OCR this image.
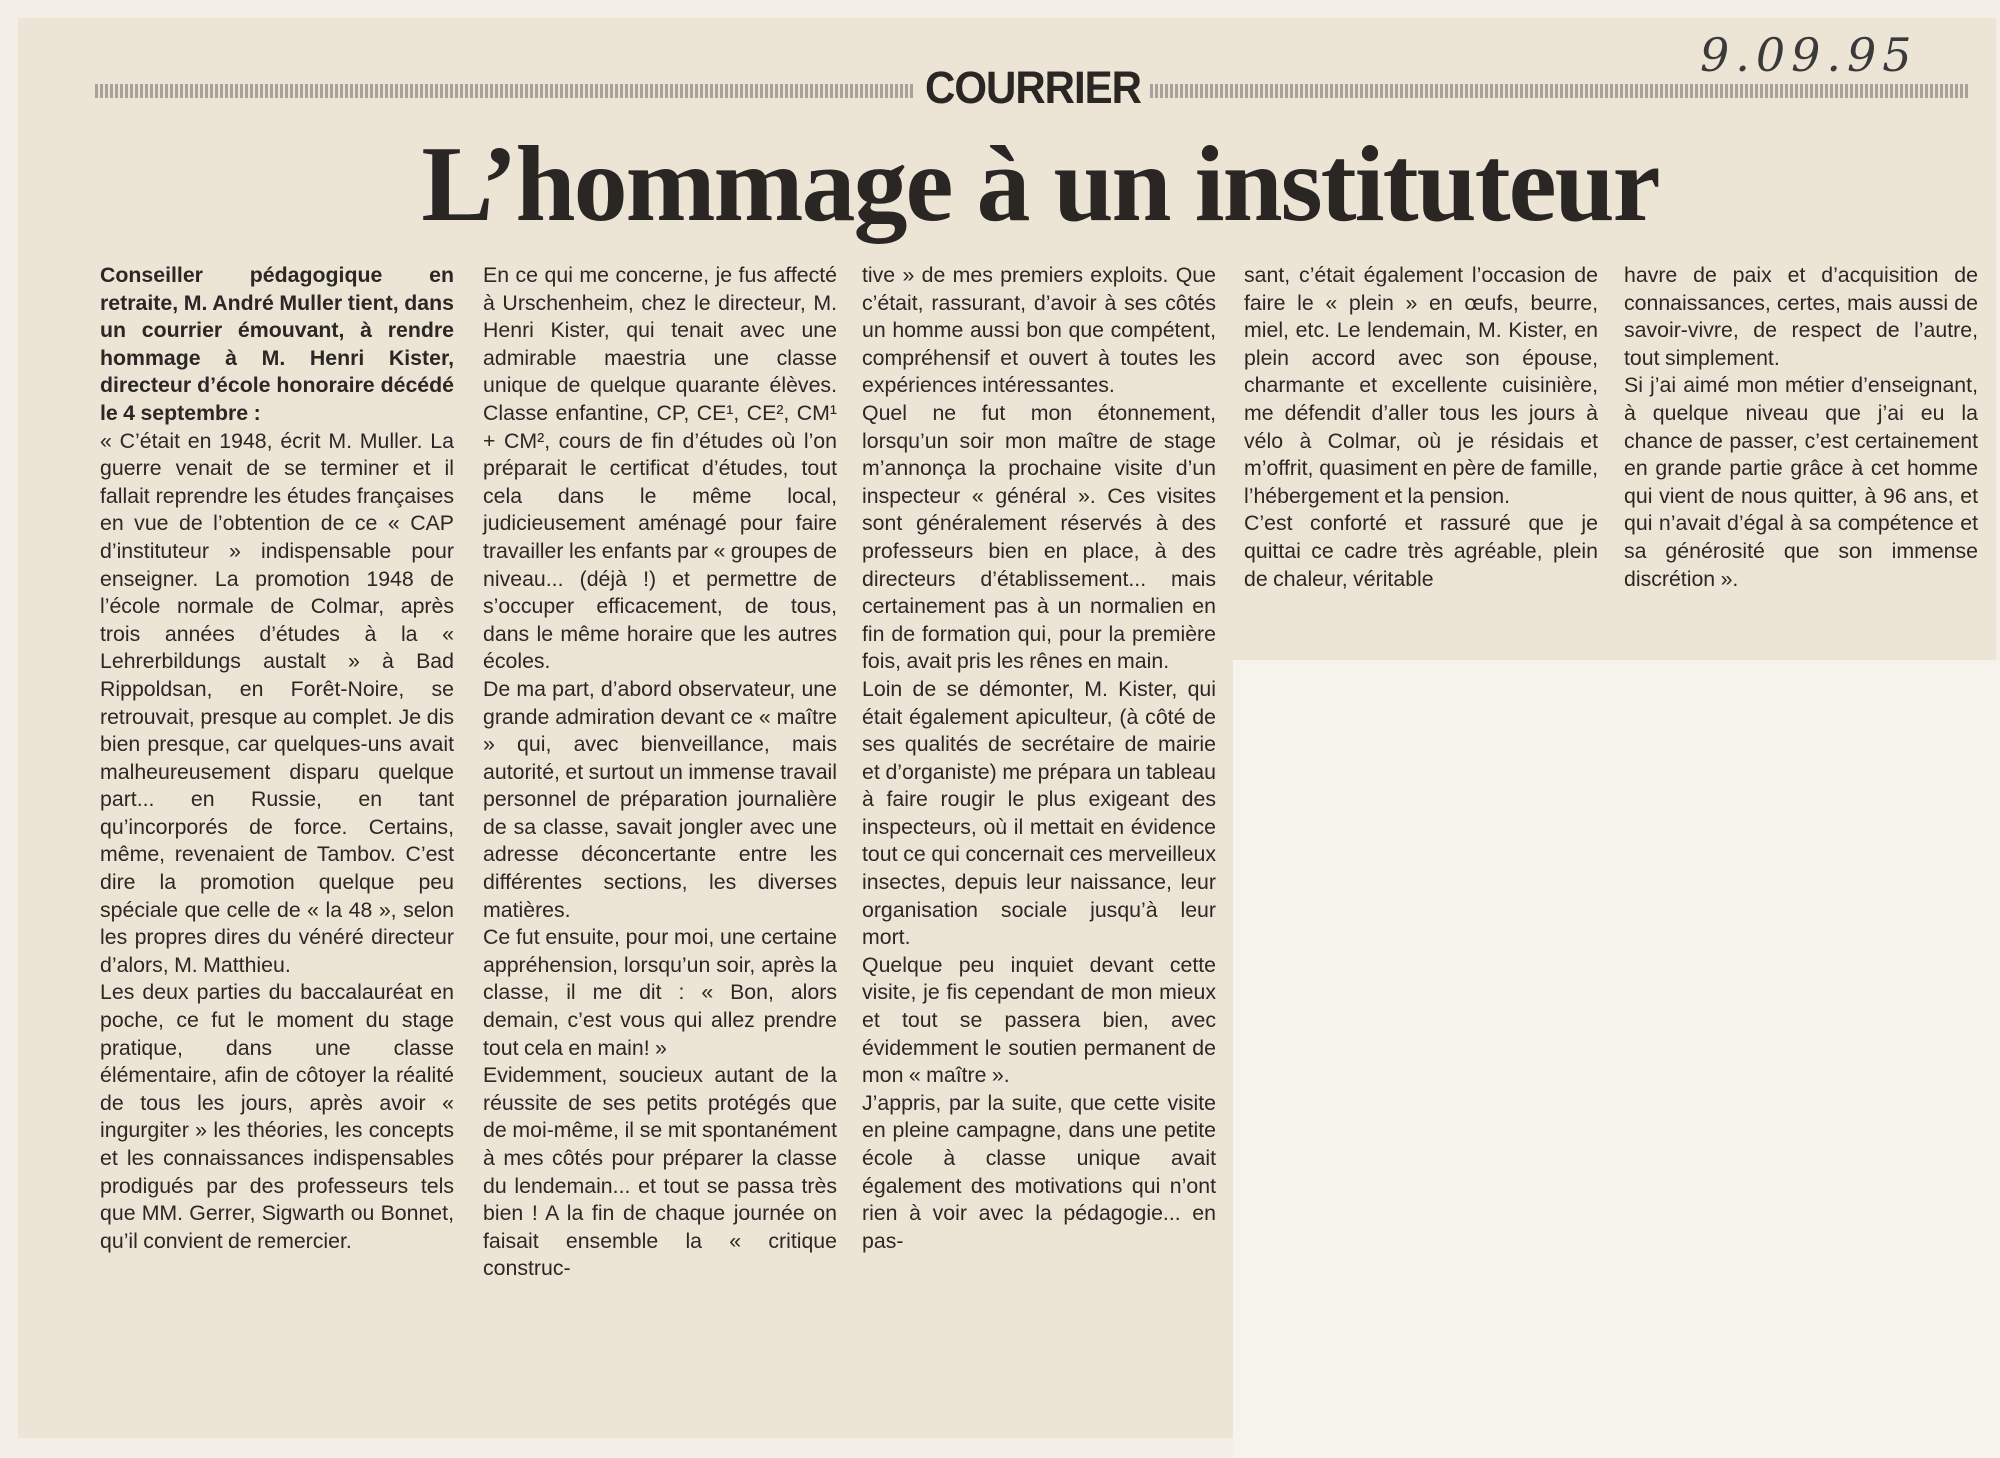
9.09.95
COURRIER
L’hommage à un instituteur

Conseiller pédagogique en retraite, M. André Muller tient, dans un courrier émouvant, à rendre hommage à M. Henri Kister, directeur d’école honoraire décédé le 4 septembre :

« C’était en 1948, écrit M. Muller. La guerre venait de se terminer et il fallait reprendre les études françaises en vue de l’obtention de ce « CAP d’instituteur » indispensable pour enseigner. La promotion 1948 de l’école normale de Colmar, après trois années d’études à la « Lehrerbildungs austalt » à Bad Rippoldsan, en Forêt-Noire, se retrouvait, presque au complet. Je dis bien presque, car quelques-uns avait malheureusement disparu quelque part... en Russie, en tant qu’incorporés de force. Certains, même, revenaient de Tambov. C’est dire la promotion quelque peu spéciale que celle de « la 48 », selon les propres dires du vénéré directeur d’alors, M. Matthieu.

Les deux parties du baccalauréat en poche, ce fut le moment du stage pratique, dans une classe élémentaire, afin de côtoyer la réalité de tous les jours, après avoir « ingurgiter » les théories, les concepts et les connaissances indispensables prodigués par des professeurs tels que MM. Gerrer, Sigwarth ou Bonnet, qu’il convient de remercier.

En ce qui me concerne, je fus affecté à Urschenheim, chez le directeur, M. Henri Kister, qui tenait avec une admirable maestria une classe unique de quelque quarante élèves. Classe enfantine, CP, CE¹, CE², CM¹ + CM², cours de fin d’études où l’on préparait le certificat d’études, tout cela dans le même local, judicieusement aménagé pour faire travailler les enfants par « groupes de niveau... (déjà !) et permettre de s’occuper efficacement, de tous, dans le même horaire que les autres écoles.

De ma part, d’abord observateur, une grande admiration devant ce « maître » qui, avec bienveillance, mais autorité, et surtout un immense travail personnel de préparation journalière de sa classe, savait jongler avec une adresse déconcertante entre les différentes sections, les diverses matières.

Ce fut ensuite, pour moi, une certaine appréhension, lorsqu’un soir, après la classe, il me dit : « Bon, alors demain, c’est vous qui allez prendre tout cela en main! »

Evidemment, soucieux autant de la réussite de ses petits protégés que de moi-même, il se mit spontanément à mes côtés pour préparer la classe du lendemain... et tout se passa très bien ! A la fin de chaque journée on faisait ensemble la « critique construc-

tive » de mes premiers exploits. Que c’était, rassurant, d’avoir à ses côtés un homme aussi bon que compétent, compréhensif et ouvert à toutes les expériences intéressantes.

Quel ne fut mon étonnement, lorsqu’un soir mon maître de stage m’annonça la prochaine visite d’un inspecteur « général ». Ces visites sont généralement réservés à des professeurs bien en place, à des directeurs d’établissement... mais certainement pas à un normalien en fin de formation qui, pour la première fois, avait pris les rênes en main.

Loin de se démonter, M. Kister, qui était également apiculteur, (à côté de ses qualités de secrétaire de mairie et d’organiste) me prépara un tableau à faire rougir le plus exigeant des inspecteurs, où il mettait en évidence tout ce qui concernait ces merveilleux insectes, depuis leur naissance, leur organisation sociale jusqu’à leur mort.

Quelque peu inquiet devant cette visite, je fis cependant de mon mieux et tout se passera bien, avec évidemment le soutien permanent de mon « maître ».

J’appris, par la suite, que cette visite en pleine campagne, dans une petite école à classe unique avait également des motivations qui n’ont rien à voir avec la pédagogie... en pas-

sant, c’était également l’occasion de faire le « plein » en œufs, beurre, miel, etc. Le lendemain, M. Kister, en plein accord avec son épouse, charmante et excellente cuisinière, me défendit d’aller tous les jours à vélo à Colmar, où je résidais et m’offrit, quasiment en père de famille, l’hébergement et la pension.

C’est conforté et rassuré que je quittai ce cadre très agréable, plein de chaleur, véritable

havre de paix et d’acquisition de connaissances, certes, mais aussi de savoir-vivre, de respect de l’autre, tout simplement.

Si j’ai aimé mon métier d’enseignant, à quelque niveau que j’ai eu la chance de passer, c’est certainement en grande partie grâce à cet homme qui vient de nous quitter, à 96 ans, et qui n’avait d’égal à sa compétence et sa générosité que son immense discrétion ».
